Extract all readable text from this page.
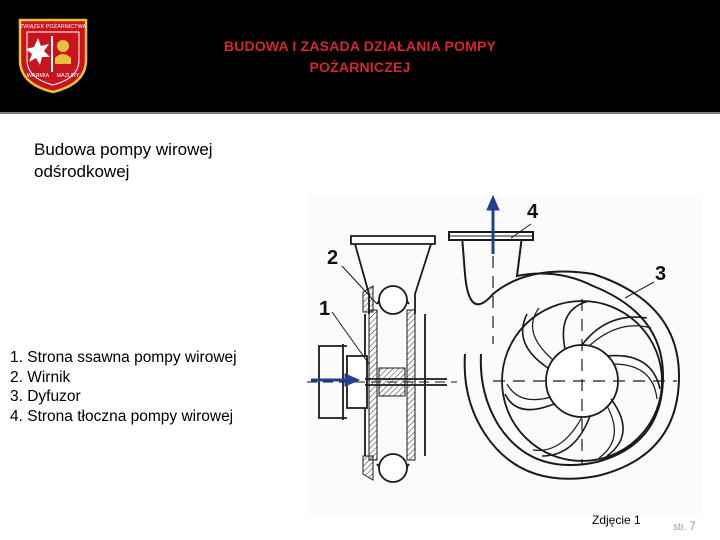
ZWIĄZEK POŻARNICTWA
WARMIA MAZURY
BUDOWA I ZASADA DZIAŁANIA POMPY
POŻARNICZEJ
Budowa pompy wirowej
odśrodkowej
1. Strona ssawna pompy wirowej
2. Wirnik
3. Dyfuzor
4. Strona tłoczna pompy wirowej
1
2
3
4
Zdjęcie 1
str. 7
